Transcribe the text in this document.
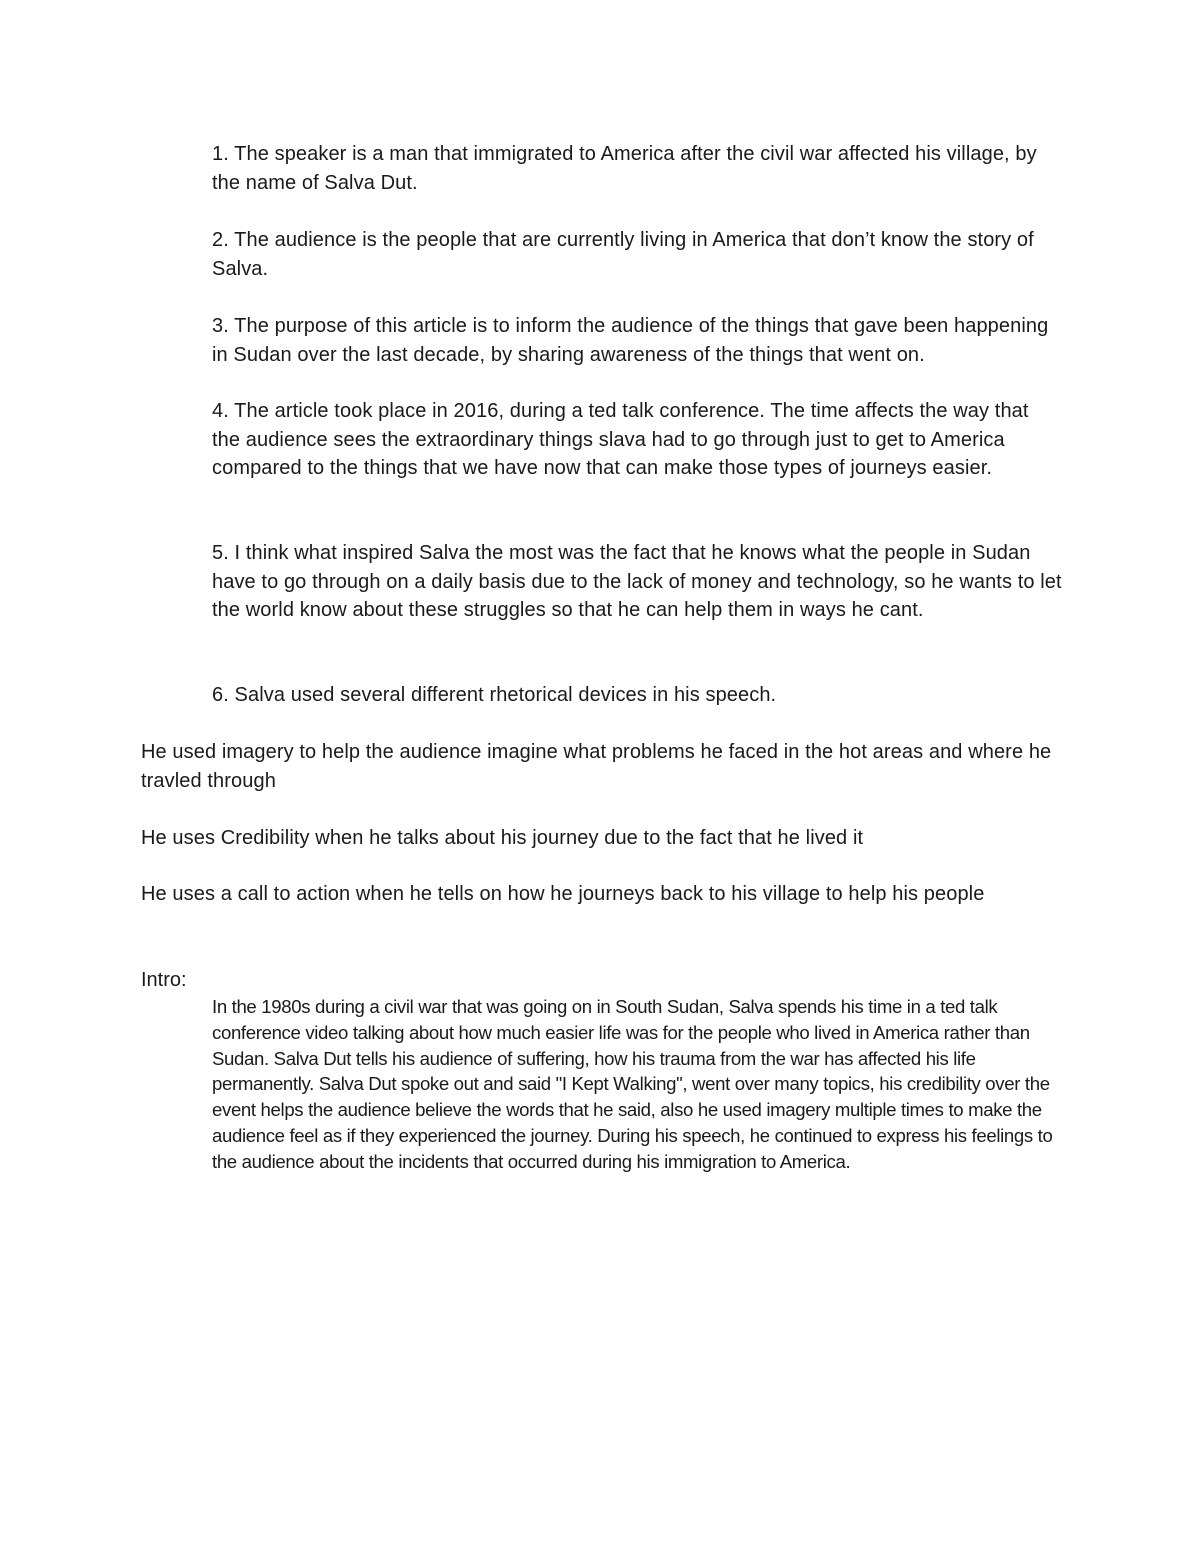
1. The speaker is a man that immigrated to America after the civil war affected his village, by the name of Salva Dut.

2. The audience is the people that are currently living in America that don’t know the story of Salva.

3. The purpose of this article is to inform the audience of the things that gave been happening in Sudan over the last decade, by sharing awareness of the things that went on.

4. The article took place in 2016, during a ted talk conference. The time affects the way that the audience sees the extraordinary things slava had to go through just to get to America compared to the things that we have now that can make those types of journeys easier.

5. I think what inspired Salva the most was the fact that he knows what the people in Sudan have to go through on a daily basis due to the lack of money and technology, so he wants to let the world know about these struggles so that he can help them in ways he cant.

6. Salva used several different rhetorical devices in his speech.

He used imagery to help the audience imagine what problems he faced in the hot areas and where he travled through

He uses Credibility when he talks about his journey due to the fact that he lived it

He uses a call to action when he tells on how he journeys back to his village to help his people

Intro:

In the 1980s during a civil war that was going on in South Sudan, Salva spends his time in a ted talk conference video talking about how much easier life was for the people who lived in America rather than Sudan. Salva Dut tells his audience of suffering, how his trauma from the war has affected his life permanently. Salva Dut spoke out and said "I Kept Walking", went over many topics, his credibility over the event helps the audience believe the words that he said, also he used imagery multiple times to make the audience feel as if they experienced the journey. During his speech, he continued to express his feelings to the audience about the incidents that occurred during his immigration to America.
